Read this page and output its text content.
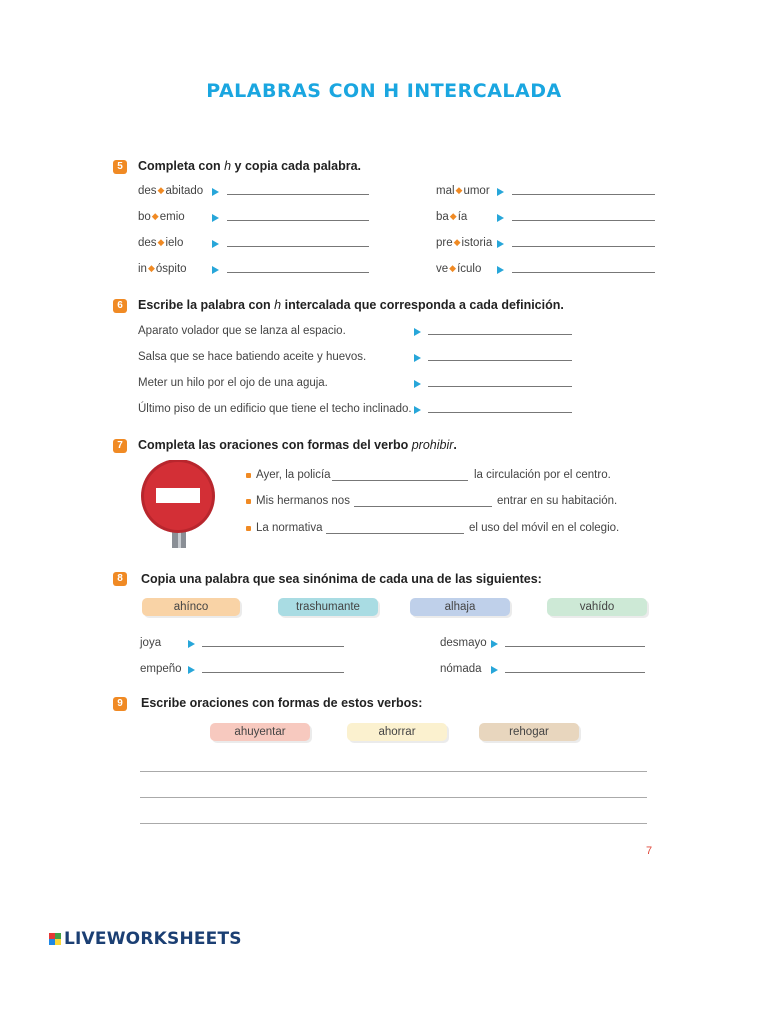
PALABRAS CON H INTERCALADA
5	Completa con h y copia cada palabra.
des◆abitado
bo◆emio
des◆ielo
in◆óspito
mal◆umor
ba◆ía
pre◆istoria
ve◆ículo
6	Escribe la palabra con h intercalada que corresponda a cada definición.
Aparato volador que se lanza al espacio.
Salsa que se hace batiendo aceite y huevos.
Meter un hilo por el ojo de una aguja.
Último piso de un edificio que tiene el techo inclinado.
7	Completa las oraciones con formas del verbo prohibir.
Ayer, la policía	la circulación por el centro.
Mis hermanos nos	entrar en su habitación.
La normativa	el uso del móvil en el colegio.
8	Copia una palabra que sea sinónima de cada una de las siguientes:
ahínco	trashumante	alhaja	vahído
joya
empeño
desmayo
nómada
9	Escribe oraciones con formas de estos verbos:
ahuyentar	ahorrar	rehogar
7
LIVEWORKSHEETS
